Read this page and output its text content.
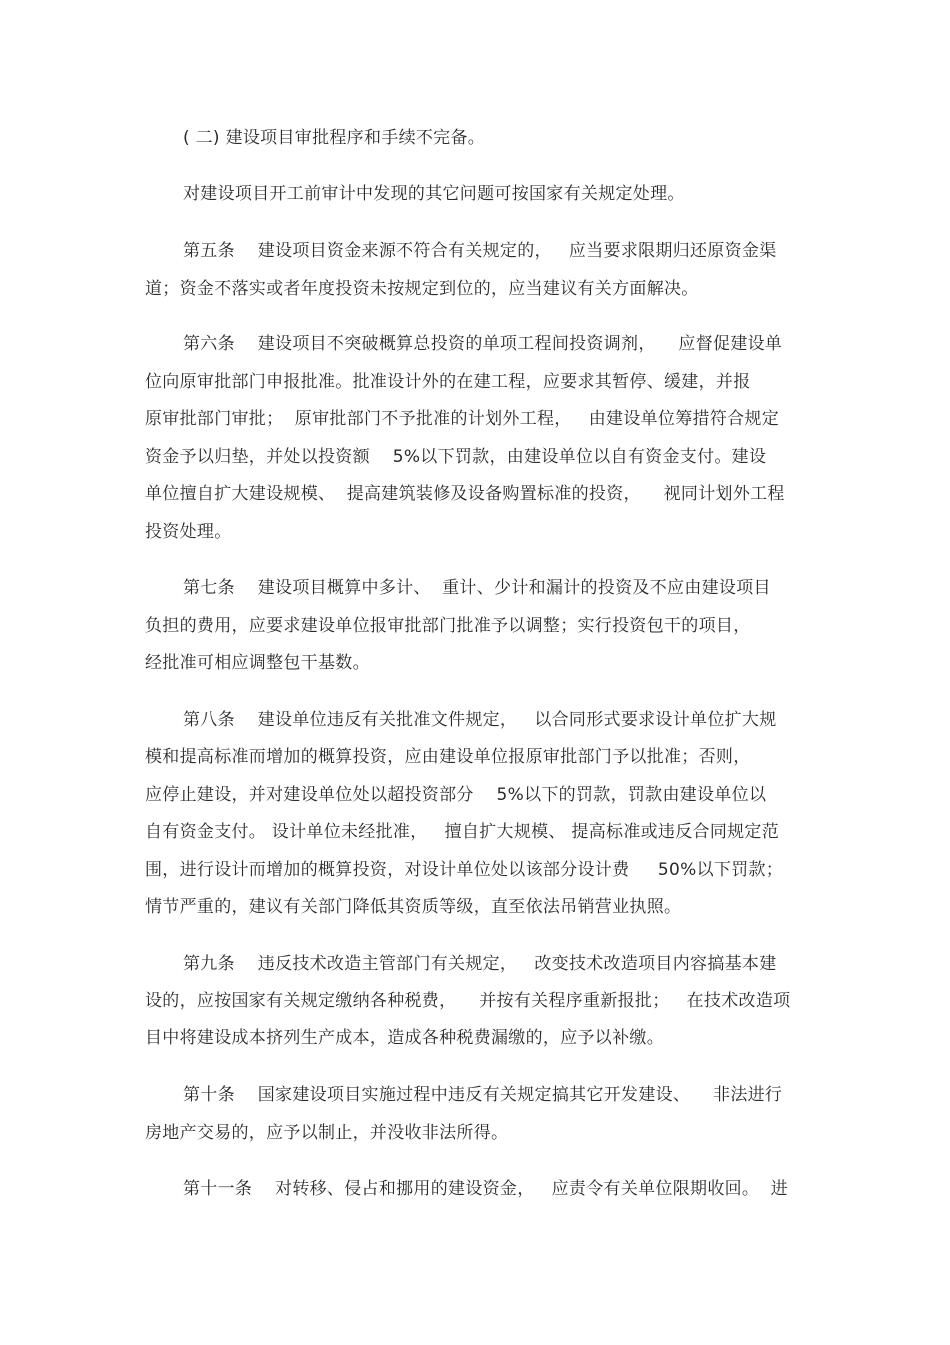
( 二) 建设项目审批程序和手续不完备。
对建设项目开工前审计中发现的其它问题可按国家有关规定处理。
第五条    建设项目资金来源不符合有关规定的，   应当要求限期归还原资金渠
道；资金不落实或者年度投资未按规定到位的，应当建议有关方面解决。
第六条    建设项目不突破概算总投资的单项工程间投资调剂，    应督促建设单
位向原审批部门申报批准。批准设计外的在建工程，应要求其暂停、缓建，并报
原审批部门审批；  原审批部门不予批准的计划外工程，   由建设单位筹措符合规定
资金予以归垫，并处以投资额    5%以下罚款，由建设单位以自有资金支付。建设
单位擅自扩大建设规模、  提高建筑装修及设备购置标准的投资，    视同计划外工程
投资处理。
第七条    建设项目概算中多计、  重计、少计和漏计的投资及不应由建设项目
负担的费用，应要求建设单位报审批部门批准予以调整；实行投资包干的项目，
经批准可相应调整包干基数。
第八条    建设单位违反有关批准文件规定，   以合同形式要求设计单位扩大规
模和提高标准而增加的概算投资，应由建设单位报原审批部门予以批准；否则，
应停止建设，并对建设单位处以超投资部分    5%以下的罚款，罚款由建设单位以
自有资金支付。 设计单位未经批准，   擅自扩大规模、 提高标准或违反合同规定范
围，进行设计而增加的概算投资，对设计单位处以该部分设计费     50%以下罚款；
情节严重的，建议有关部门降低其资质等级，直至依法吊销营业执照。
第九条    违反技术改造主管部门有关规定，   改变技术改造项目内容搞基本建
设的，应按国家有关规定缴纳各种税费，    并按有关程序重新报批；   在技术改造项
目中将建设成本挤列生产成本，造成各种税费漏缴的，应予以补缴。
第十条    国家建设项目实施过程中违反有关规定搞其它开发建设、    非法进行
房地产交易的，应予以制止，并没收非法所得。
第十一条    对转移、侵占和挪用的建设资金，   应责令有关单位限期收回。  进
